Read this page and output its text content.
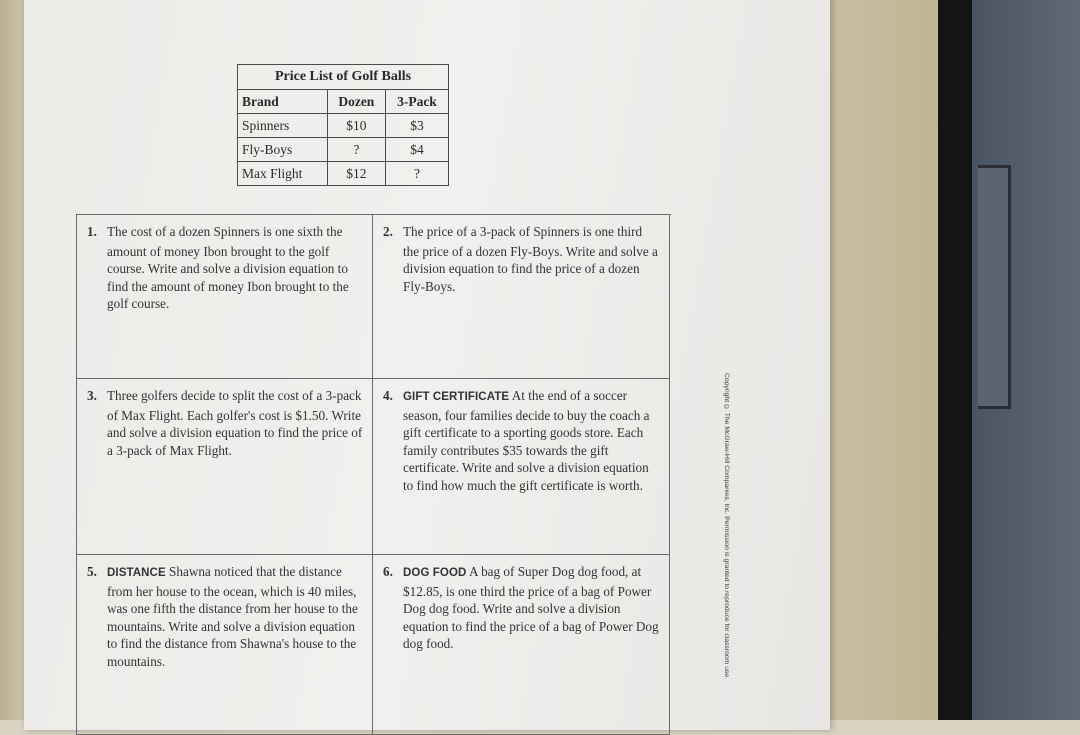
Price List of Golf Balls		
Brand	Dozen	3-Pack
Spinners	$10	$3
Fly-Boys	?	$4
Max Flight	$12	?
1. The cost of a dozen Spinners is one sixth the amount of money Ibon brought to the golf course. Write and solve a division equation to find the amount of money Ibon brought to the golf course.
2. The price of a 3-pack of Spinners is one third the price of a dozen Fly-Boys. Write and solve a division equation to find the price of a dozen Fly-Boys.
3. Three golfers decide to split the cost of a 3-pack of Max Flight. Each golfer's cost is $1.50. Write and solve a division equation to find the price of a 3-pack of Max Flight.
4. GIFT CERTIFICATE At the end of a soccer season, four families decide to buy the coach a gift certificate to a sporting goods store. Each family contributes $35 towards the gift certificate. Write and solve a division equation to find how much the gift certificate is worth.
5. DISTANCE Shawna noticed that the distance from her house to the ocean, which is 40 miles, was one fifth the distance from her house to the mountains. Write and solve a division equation to find the distance from Shawna's house to the mountains.
6. DOG FOOD A bag of Super Dog dog food, at $12.85, is one third the price of a bag of Power Dog dog food. Write and solve a division equation to find the price of a bag of Power Dog dog food.	Copyright © The McGraw-Hill Companies, Inc. Permission is granted to reproduce for classroom use.
